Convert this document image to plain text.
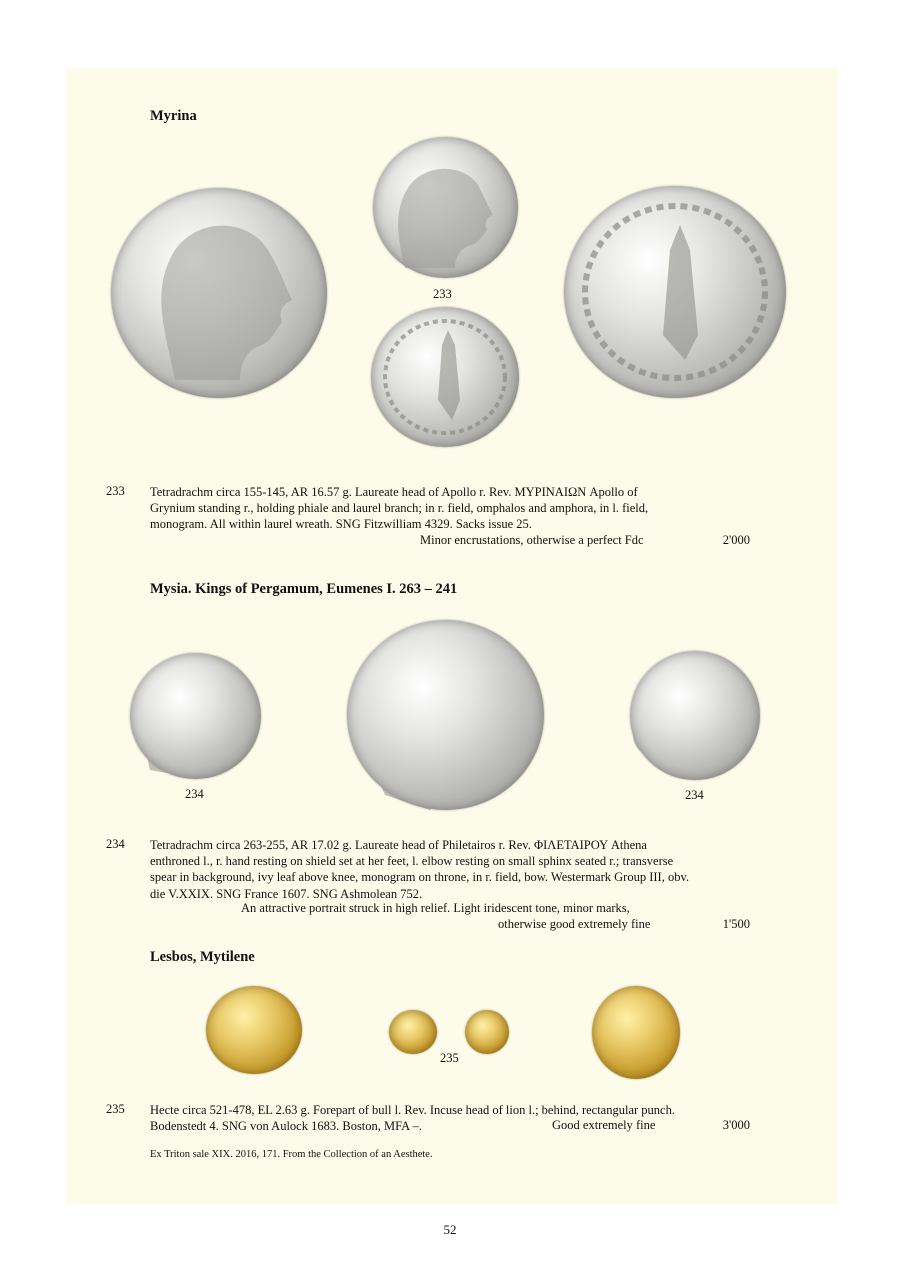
Myrina
233
233 Tetradrachm circa 155-145, AR 16.57 g. Laureate head of Apollo r. Rev. ΜΥΡΙΝΑΙΩΝ Apollo of
Grynium standing r., holding phiale and laurel branch; in r. field, omphalos and amphora, in l. field,
monogram. All within laurel wreath. SNG Fitzwilliam 4329. Sacks issue 25.
Minor encrustations, otherwise a perfect Fdc	2'000
Mysia. Kings of Pergamum, Eumenes I. 263 – 241
234	234
234 Tetradrachm circa 263-255, AR 17.02 g. Laureate head of Philetairos r. Rev. ΦΙΛΕΤΑΙΡΟΥ Athena
enthroned l., r. hand resting on shield set at her feet, l. elbow resting on small sphinx seated r.; transverse
spear in background, ivy leaf above knee, monogram on throne, in r. field, bow. Westermark Group III, obv.
die V.XXIX. SNG France 1607. SNG Ashmolean 752.
An attractive portrait struck in high relief. Light iridescent tone, minor marks,
otherwise good extremely fine	1'500
Lesbos, Mytilene
235
235 Hecte circa 521-478, EL 2.63 g. Forepart of bull l. Rev. Incuse head of lion l.; behind, rectangular punch.
Bodenstedt 4. SNG von Aulock 1683. Boston, MFA –.	Good extremely fine	3'000
Ex Triton sale XIX. 2016, 171. From the Collection of an Aesthete.
52
